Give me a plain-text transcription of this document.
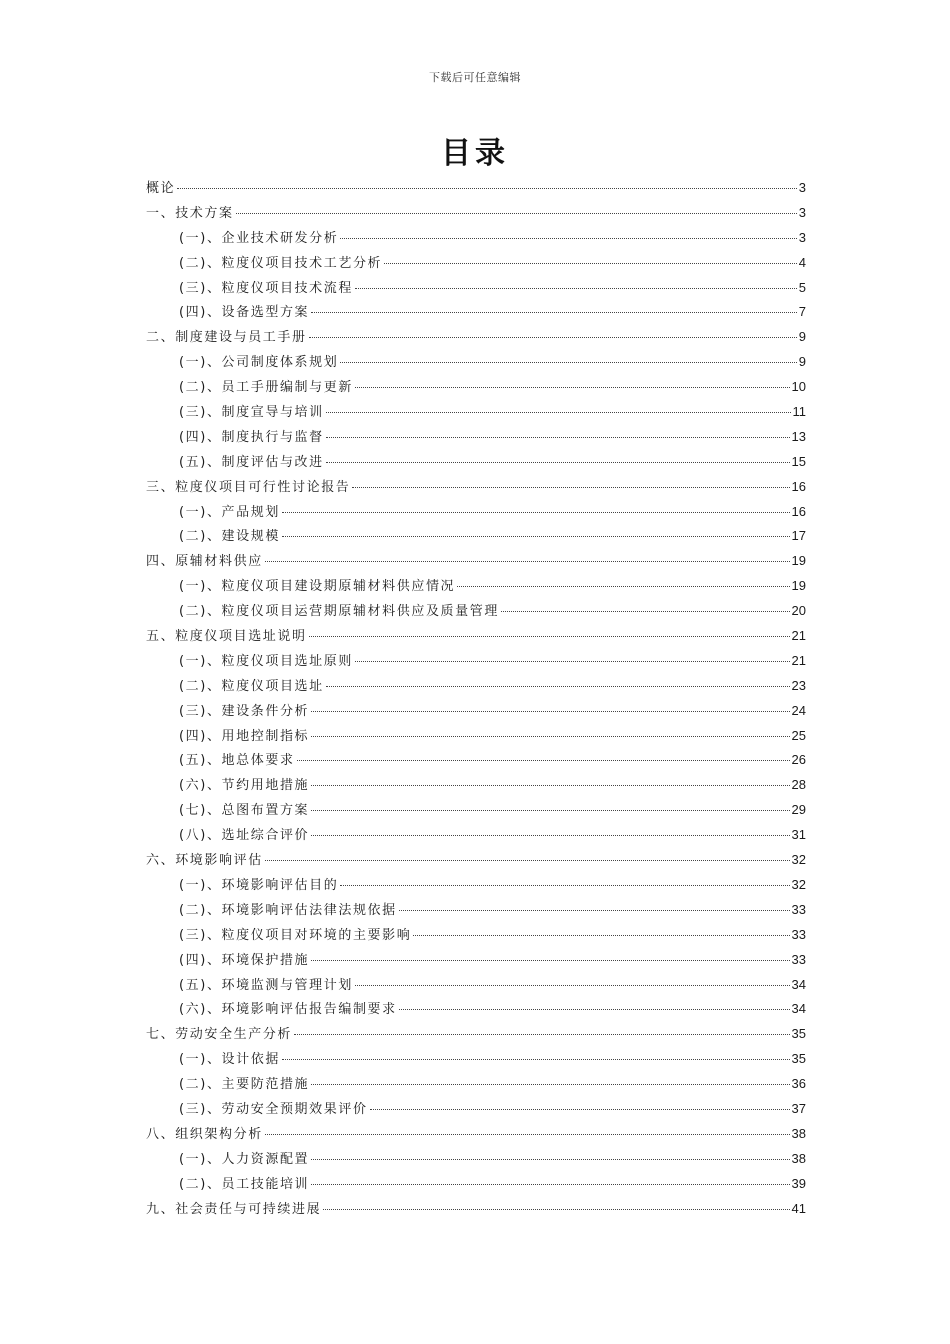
下载后可任意编辑
目录
概论	3
一、技术方案	3
(一)、企业技术研发分析	3
(二)、粒度仪项目技术工艺分析	4
(三)、粒度仪项目技术流程	5
(四)、设备选型方案	7
二、制度建设与员工手册	9
(一)、公司制度体系规划	9
(二)、员工手册编制与更新	10
(三)、制度宣导与培训	11
(四)、制度执行与监督	13
(五)、制度评估与改进	15
三、粒度仪项目可行性讨论报告	16
(一)、产品规划	16
(二)、建设规模	17
四、原辅材料供应	19
(一)、粒度仪项目建设期原辅材料供应情况	19
(二)、粒度仪项目运营期原辅材料供应及质量管理	20
五、粒度仪项目选址说明	21
(一)、粒度仪项目选址原则	21
(二)、粒度仪项目选址	23
(三)、建设条件分析	24
(四)、用地控制指标	25
(五)、地总体要求	26
(六)、节约用地措施	28
(七)、总图布置方案	29
(八)、选址综合评价	31
六、环境影响评估	32
(一)、环境影响评估目的	32
(二)、环境影响评估法律法规依据	33
(三)、粒度仪项目对环境的主要影响	33
(四)、环境保护措施	33
(五)、环境监测与管理计划	34
(六)、环境影响评估报告编制要求	34
七、劳动安全生产分析	35
(一)、设计依据	35
(二)、主要防范措施	36
(三)、劳动安全预期效果评价	37
八、组织架构分析	38
(一)、人力资源配置	38
(二)、员工技能培训	39
九、社会责任与可持续进展	41
